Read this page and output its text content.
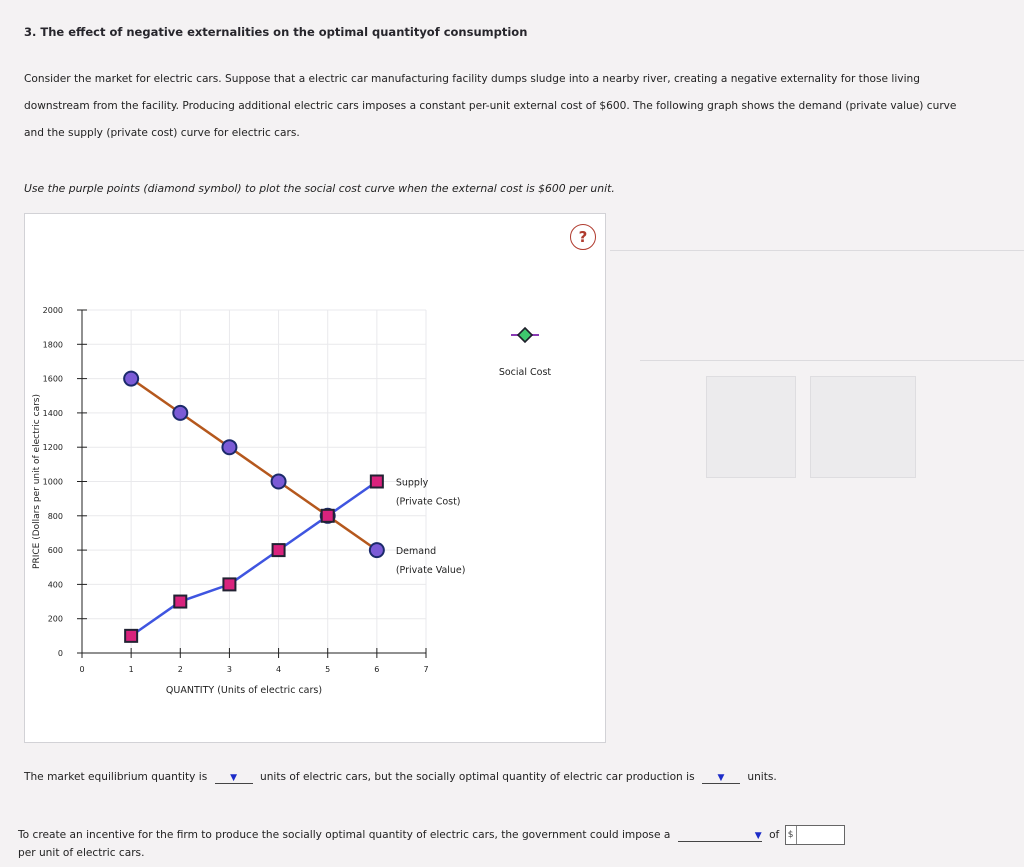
3. The effect of negative externalities on the optimal quantityof consumption
Consider the market for electric cars. Suppose that a electric car manufacturing facility dumps sludge into a nearby river, creating a negative externality for those living downstream from the facility. Producing additional electric cars imposes a constant per-unit external cost of $600. The following graph shows the demand (private value) curve and the supply (private cost) curve for electric cars.
Use the purple points (diamond symbol) to plot the social cost curve when the external cost is $600 per unit.
?
0
200
400
600
800
1000
1200
1400
1600
1800
2000
0	1	2	3	4	5	6	7
QUANTITY (Units of electric cars)
PRICE (Dollars per unit of electric cars)	Demand
(Private Value)
Supply
(Private Cost)
Social Cost
The market equilibrium quantity is	▼ units of electric cars, but the socially optimal quantity of electric car production is	▼ units.
To create an incentive for the firm to produce the socially optimal quantity of electric cars, the government could impose a	▼ of $
per unit of electric cars.
